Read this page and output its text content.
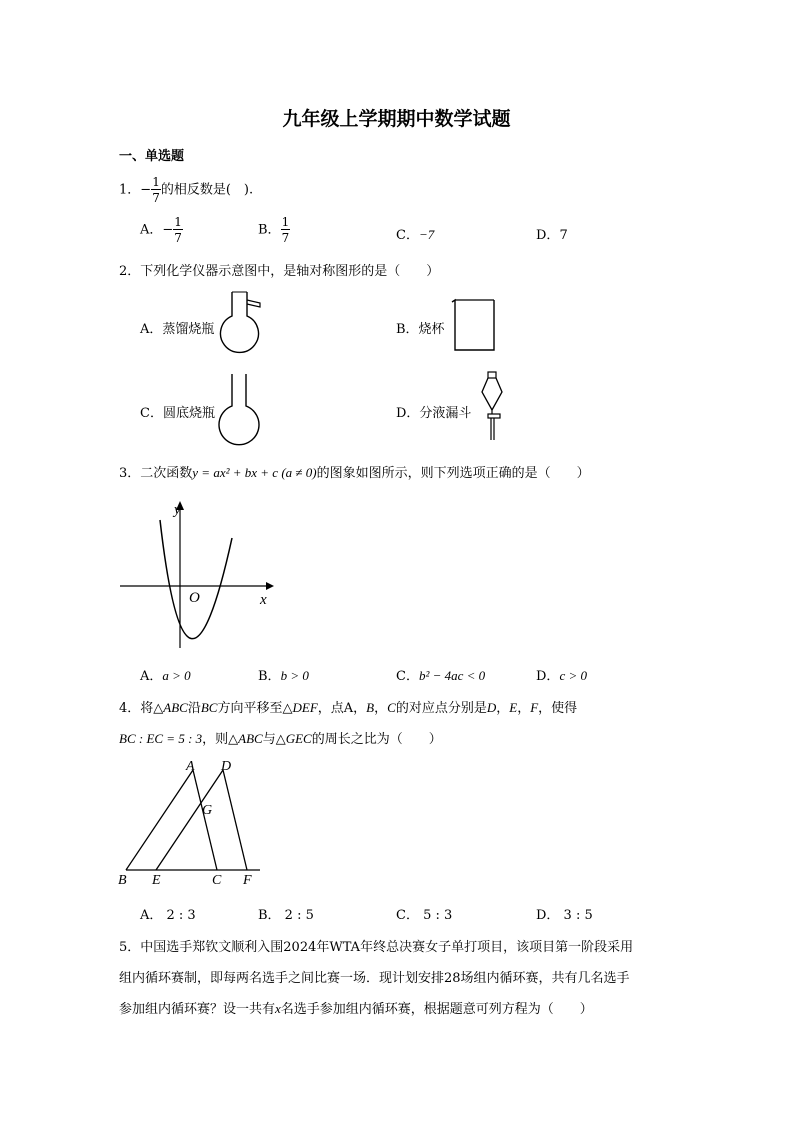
九年级上学期期中数学试题
一、单选题
1．− $\frac{1}{7}$ 的相反数是(　).
A．− $\frac{1}{7}$	B． $\frac{1}{7}$	C．−7	D．7
2．下列化学仪器示意图中，是轴对称图形的是（　　）
A．蒸馏烧瓶	B．烧杯
C．圆底烧瓶	D．分液漏斗
3．二次函数y = ax² + bx + c (a ≠ 0)的图象如图所示，则下列选项正确的是（　　）
y
x
O
A．a > 0	B．b > 0	C．b² − 4ac < 0	D．c > 0
4．将△ABC沿BC方向平移至△DEF，点A，B，C的对应点分别是D，E，F，使得
BC : EC = 5 : 3，则△ABC与△GEC的周长之比为（　　）
A D
G
B E	C F
A． 2 : 3	B． 2 : 5	C． 5 : 3	D． 3 : 5
5．中国选手郑钦文顺利入围2024年WTA年终总决赛女子单打项目，该项目第一阶段采用
组内循环赛制，即每两名选手之间比赛一场．现计划安排28场组内循环赛，共有几名选手
参加组内循环赛？设一共有x名选手参加组内循环赛，根据题意可列方程为（　　）
